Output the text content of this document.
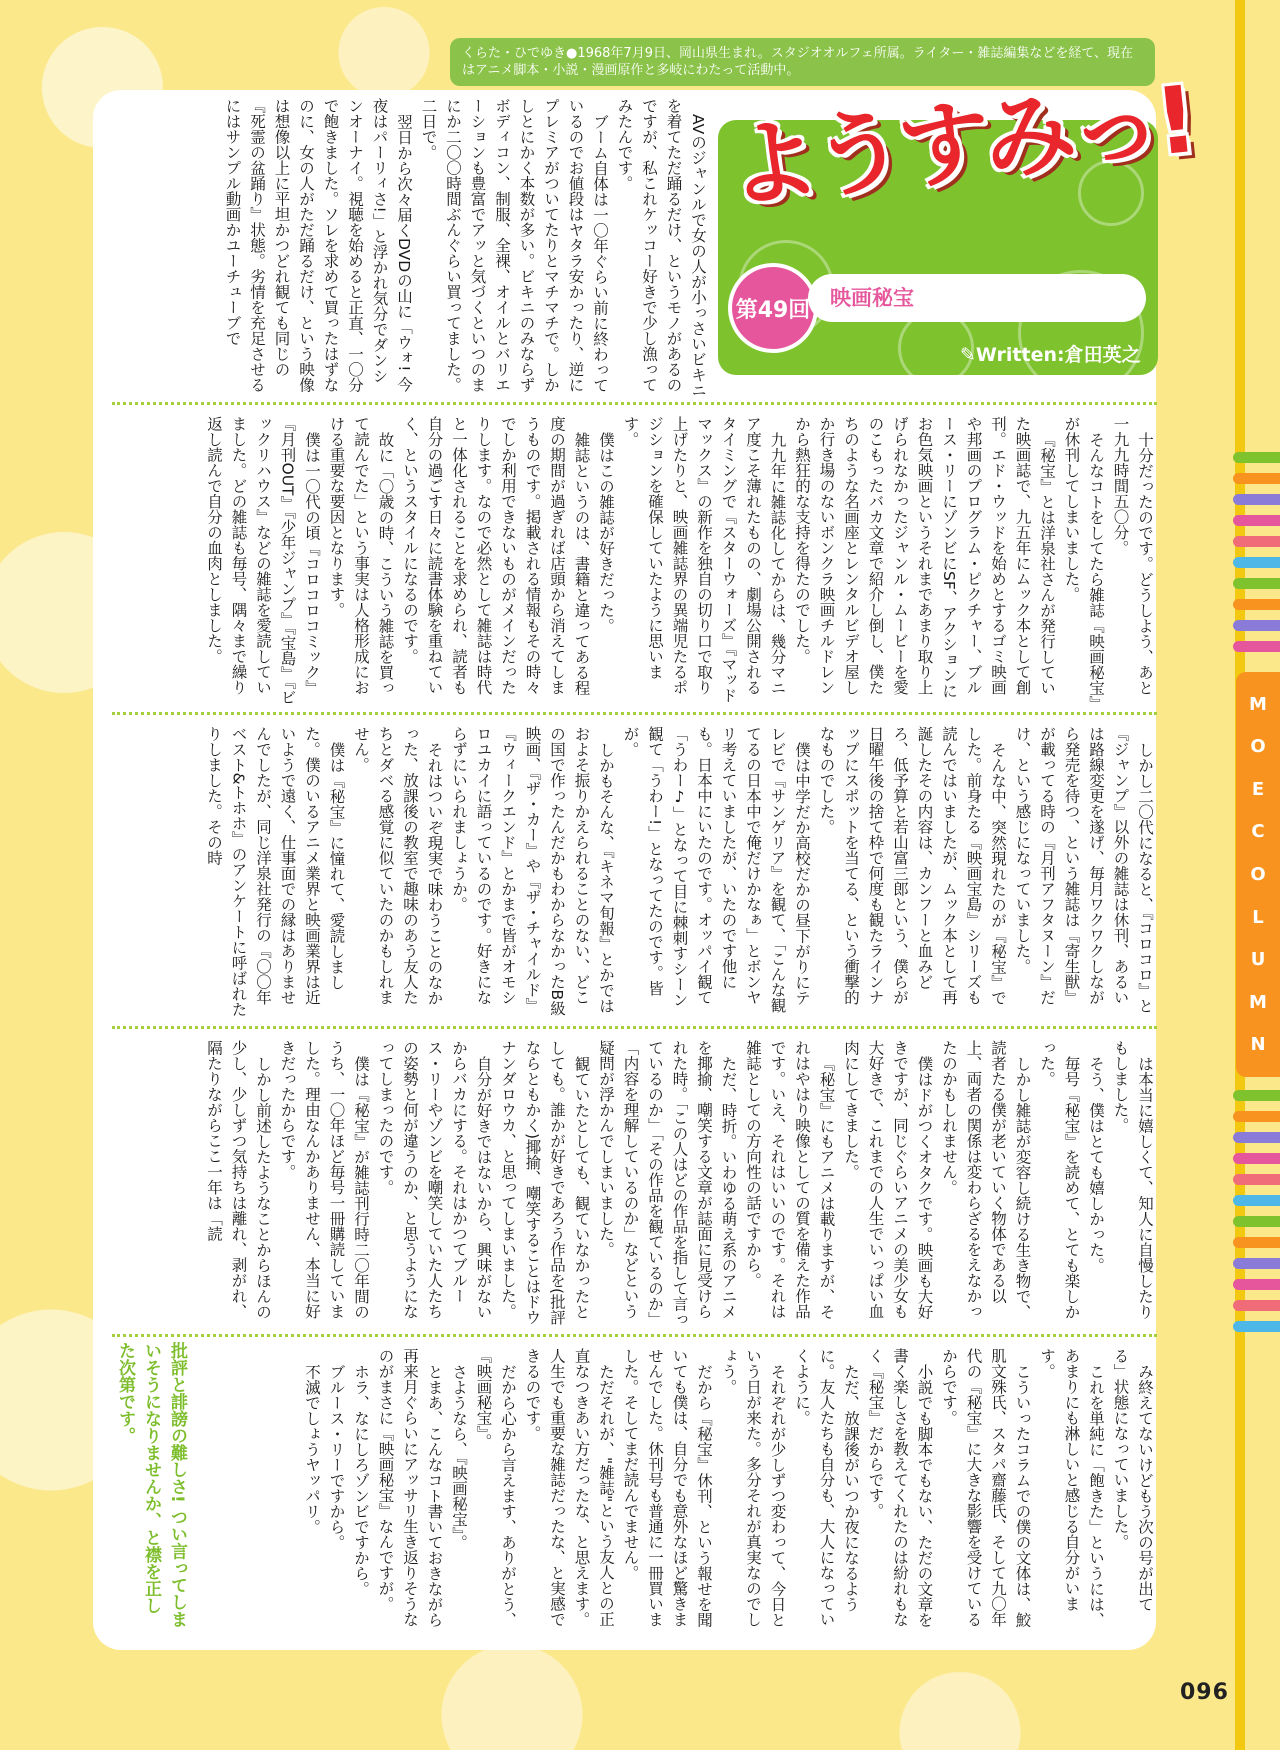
くらた・ひでゆき●1968年7月9日、岡山県生まれ。スタジオオルフェ所属。ライター・雑誌編集などを経て、現在はアニメ脚本・小説・漫画原作と多岐にわたって活動中。
M
O
E
C
O
L
U
M
N
ようすみっ!
第49回 映画秘宝
✎Written:倉田英之

AVのジャンルで女の人が小っさいビキニを着てただ踊るだけ、というモノがあるのですが、私これケッコー好きで少し漁ってみたんです。

ブーム自体は一〇年ぐらい前に終わっているのでお値段はヤタラ安かったり、逆にプレミアがついてたりとマチマチで。しかしとにかく本数が多い。ビキニのみならずボディコン、制服、全裸、オイルとバリエーションも豊富でアッと気づくといつのまにか二〇〇時間ぶんぐらい買ってました。二日で。

翌日から次々届くDVDの山に「ウォ! 今夜はパーリィさ!」と浮かれ気分でダンシンオーナイ。視聴を始めると正直、一〇分で飽きました。ソレを求めて買ったはずなのに、女の人がただ踊るだけ、という映像は想像以上に平坦かつどれ観ても同じの『死霊の盆踊り』状態。劣情を充足させるにはサンプル動画かユーチューブで

十分だったのです。どうしよう、あと一九九時間五〇分。

そんなコトをしてたら雑誌『映画秘宝』が休刊してしまいました。

『秘宝』とは洋泉社さんが発行していた映画誌で、九五年にムック本として創刊。エド・ウッドを始めとするゴミ映画や邦画のプログラム・ピクチャー、ブルース・リーにゾンビにSF、アクションにお色気映画というそれまであまり取り上げられなかったジャンル・ムービーを愛のこもったバカ文章で紹介し倒し、僕たちのような名画座とレンタルビデオ屋しか行き場のないボンクラ映画チルドレンから熱狂的な支持を得たのでした。

九九年に雑誌化してからは、幾分マニア度こそ薄れたものの、劇場公開されるタイミングで『スターウォーズ』『マッドマックス』の新作を独自の切り口で取り上げたりと、映画雑誌界の異端児たるポジションを確保していたように思います。

僕はこの雑誌が好きだった。

雑誌というのは、書籍と違ってある程度の期間が過ぎれば店頭から消えてしまうものです。掲載される情報もその時々でしか利用できないものがメインだったりします。なので必然として雑誌は時代と一体化されることを求められ、読者も自分の過ごす日々に読書体験を重ねていく、というスタイルになるのです。

故に「〇歳の時、こういう雑誌を買って読んでた」という事実は人格形成における重要な要因となります。

僕は一〇代の頃『コロコロコミック』『月刊OUT』『少年ジャンプ』『宝島』『ビックリハウス』などの雑誌を愛読していました。どの雑誌も毎号、隅々まで繰り返し読んで自分の血肉としました。

しかし二〇代になると、『コロコロ』と『ジャンプ』以外の雑誌は休刊、あるいは路線変更を遂げ、毎月ワクワクしながら発売を待つ、という雑誌は『寄生獣』が載ってる時の『月刊アフタヌーン』だけ、という感じになっていました。

そんな中、突然現れたのが『秘宝』でした。前身たる『映画宝島』シリーズも読んではいましたが、ムック本として再誕したその内容は、カンフーと血みどろ、低予算と若山富三郎という、僕らが日曜午後の捨て枠で何度も観たラインナップにスポットを当てる、という衝撃的なものでした。

僕は中学だか高校だかの昼下がりにテレビで『サンゲリア』を観て、「こんな観てるの日本中で俺だけかなぁ」とボンヤリ考えていましたが、いたのです他にも。日本中にいたのです。オッパイ観て「うわー♪」となって目に棘刺すシーン観て「うわー!」となってたのです。皆が。

しかもそんな、『キネマ旬報』とかではおよそ振りかえられることのない、どこの国で作ったんだかもわからなかったB級映画、『ザ・カー』や『ザ・チャイルド』『ウィークエンド』とかまで皆がオモシロユカイに語っているのです。好きにならずにいられましょうか。

それはついぞ現実で味わうことのなかった、放課後の教室で趣味のあう友人たちとダベる感覚に似ていたのかもしれません。

僕は『秘宝』に憧れて、愛読しました。僕のいるアニメ業界と映画業界は近いようで遠く、仕事面での縁はありませんでしたが、同じ洋泉社発行の『〇〇年ベスト&トホホ』のアンケートに呼ばれたりしました。その時

は本当に嬉しくて、知人に自慢したりもしました。

そう、僕はとても嬉しかった。

毎号『秘宝』を読めて、とても楽しかった。

しかし雑誌が変容し続ける生き物で、読者たる僕が老いていく物体である以上、両者の関係は変わらざるをえなかったのかもしれません。

僕はドがつくオタクです。映画も大好きですが、同じぐらいアニメの美少女も大好きで、これまでの人生でいっぱい血肉にしてきました。

『秘宝』にもアニメは載りますが、それはやはり映像としての質を備えた作品です。いえ、それはいいのです。それは雑誌としての方向性の話ですから。

ただ、時折。いわゆる萌え系のアニメを揶揄、嘲笑する文章が誌面に見受けられた時。「この人はどの作品を指して言っているのか」「その作品を観ているのか」「内容を理解しているのか」などという疑問が浮かんでしまいました。

観ていたとしても、観ていなかったとしても。誰かが好きであろう作品を(批評ならともかく)揶揄、嘲笑することはドウナンダロウカ、と思ってしまいました。

自分が好きではないから、興味がないからバカにする。それはかつてブルース・リーやゾンビを嘲笑していた人たちの姿勢と何が違うのか、と思うようになってしまったのです。

僕は『秘宝』が雑誌刊行時二〇年間のうち、一〇年ほど毎号一冊購読していました。理由なんかありません、本当に好きだったからです。

しかし前述したようなことからほんの少し、少しずつ気持ちは離れ、剥がれ、隔たりながらここ一年は「読

み終えてないけどもう次の号が出てる」状態になっていました。

これを単純に「飽きた」というには、あまりにも淋しいと感じる自分がいます。

こういったコラムでの僕の文体は、鮫肌文殊氏、スタパ齋藤氏、そして九〇年代の『秘宝』に大きな影響を受けているからです。

小説でも脚本でもない、ただの文章を書く楽しさを教えてくれたのは紛れもなく『秘宝』だからです。

ただ、放課後がいつか夜になるように。友人たちも自分も、大人になっていくように。

それぞれが少しずつ変わって、今日という日が来た。多分それが真実なのでしょう。

だから『秘宝』休刊、という報せを聞いても僕は、自分でも意外なほど驚きませんでした。休刊号も普通に一冊買いました。そしてまだ読んでません。

ただそれが、"雑誌"という友人との正直なつきあい方だったな、と思えます。人生でも重要な雑誌だったな、と実感できるのです。

だから心から言えます、ありがとう、『映画秘宝』。

さようなら、『映画秘宝』。

とまあ、こんなコト書いておきながら再来月ぐらいにアッサリ生き返りそうなのがまさに『映画秘宝』なんですが。

ホラ、なにしろゾンビですから。

ブルース・リーですから。

不滅でしょうヤッパリ。

批評と誹謗の難しさ! つい言ってしまいそうになりませんか、と襟を正した次第です。
096
